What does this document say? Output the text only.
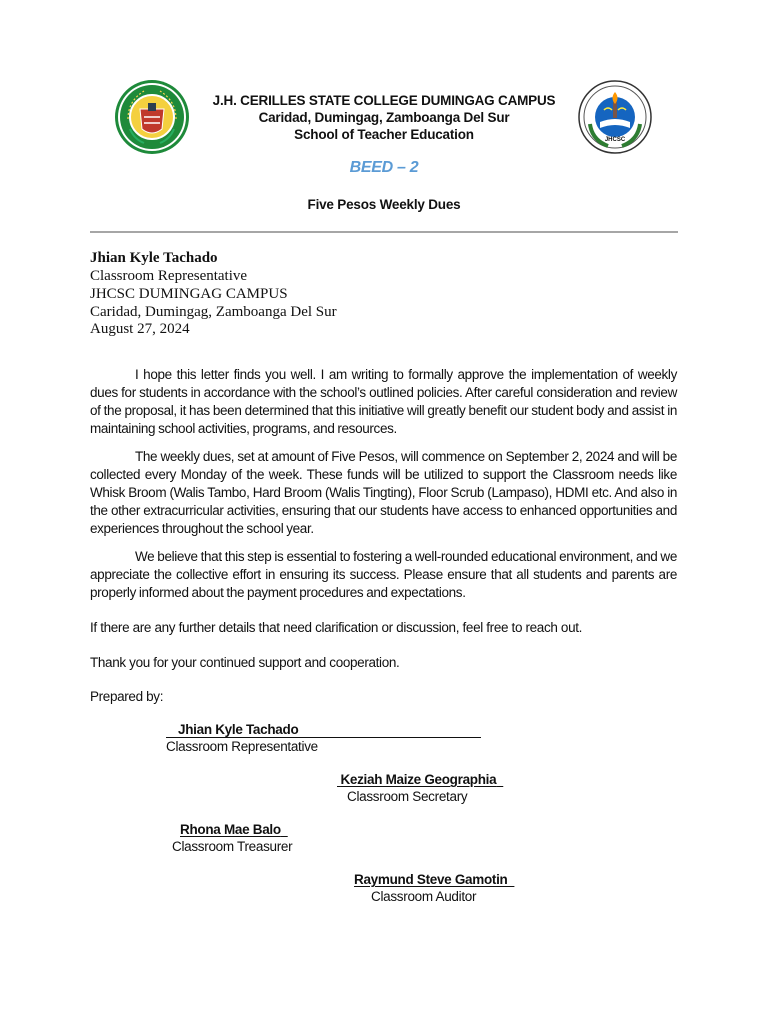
J.H. CERILLES STATE COLLEGE DUMINGAG CAMPUS
Caridad, Dumingag, Zamboanga Del Sur
School of Teacher Education	JHCSC
BEED – 2
Five Pesos Weekly Dues
Jhian Kyle Tachado
Classroom Representative
JHCSC DUMINGAG CAMPUS
Caridad, Dumingag, Zamboanga Del Sur
August 27, 2024
I hope this letter finds you well. I am writing to formally approve the implementation of weekly dues for students in accordance with the school’s outlined policies. After careful consideration and review of the proposal, it has been determined that this initiative will greatly benefit our student body and assist in maintaining school activities, programs, and resources.
The weekly dues, set at amount of Five Pesos, will commence on September 2, 2024 and will be collected every Monday of the week. These funds will be utilized to support the Classroom needs like Whisk Broom (Walis Tambo, Hard Broom (Walis Tingting), Floor Scrub (Lampaso), HDMI etc. And also in the other extracurricular activities, ensuring that our students have access to enhanced opportunities and experiences throughout the school year.
We believe that this step is essential to fostering a well-rounded educational environment, and we appreciate the collective effort in ensuring its success. Please ensure that all students and parents are properly informed about the payment procedures and expectations.
If there are any further details that need clarification or discussion, feel free to reach out.
Thank you for your continued support and cooperation.
Prepared by:
Jhian Kyle Tachado
Classroom Representative
Keziah Maize Geographia
Classroom Secretary
Rhona Mae Balo
Classroom Treasurer
Raymund Steve Gamotin
Classroom Auditor
